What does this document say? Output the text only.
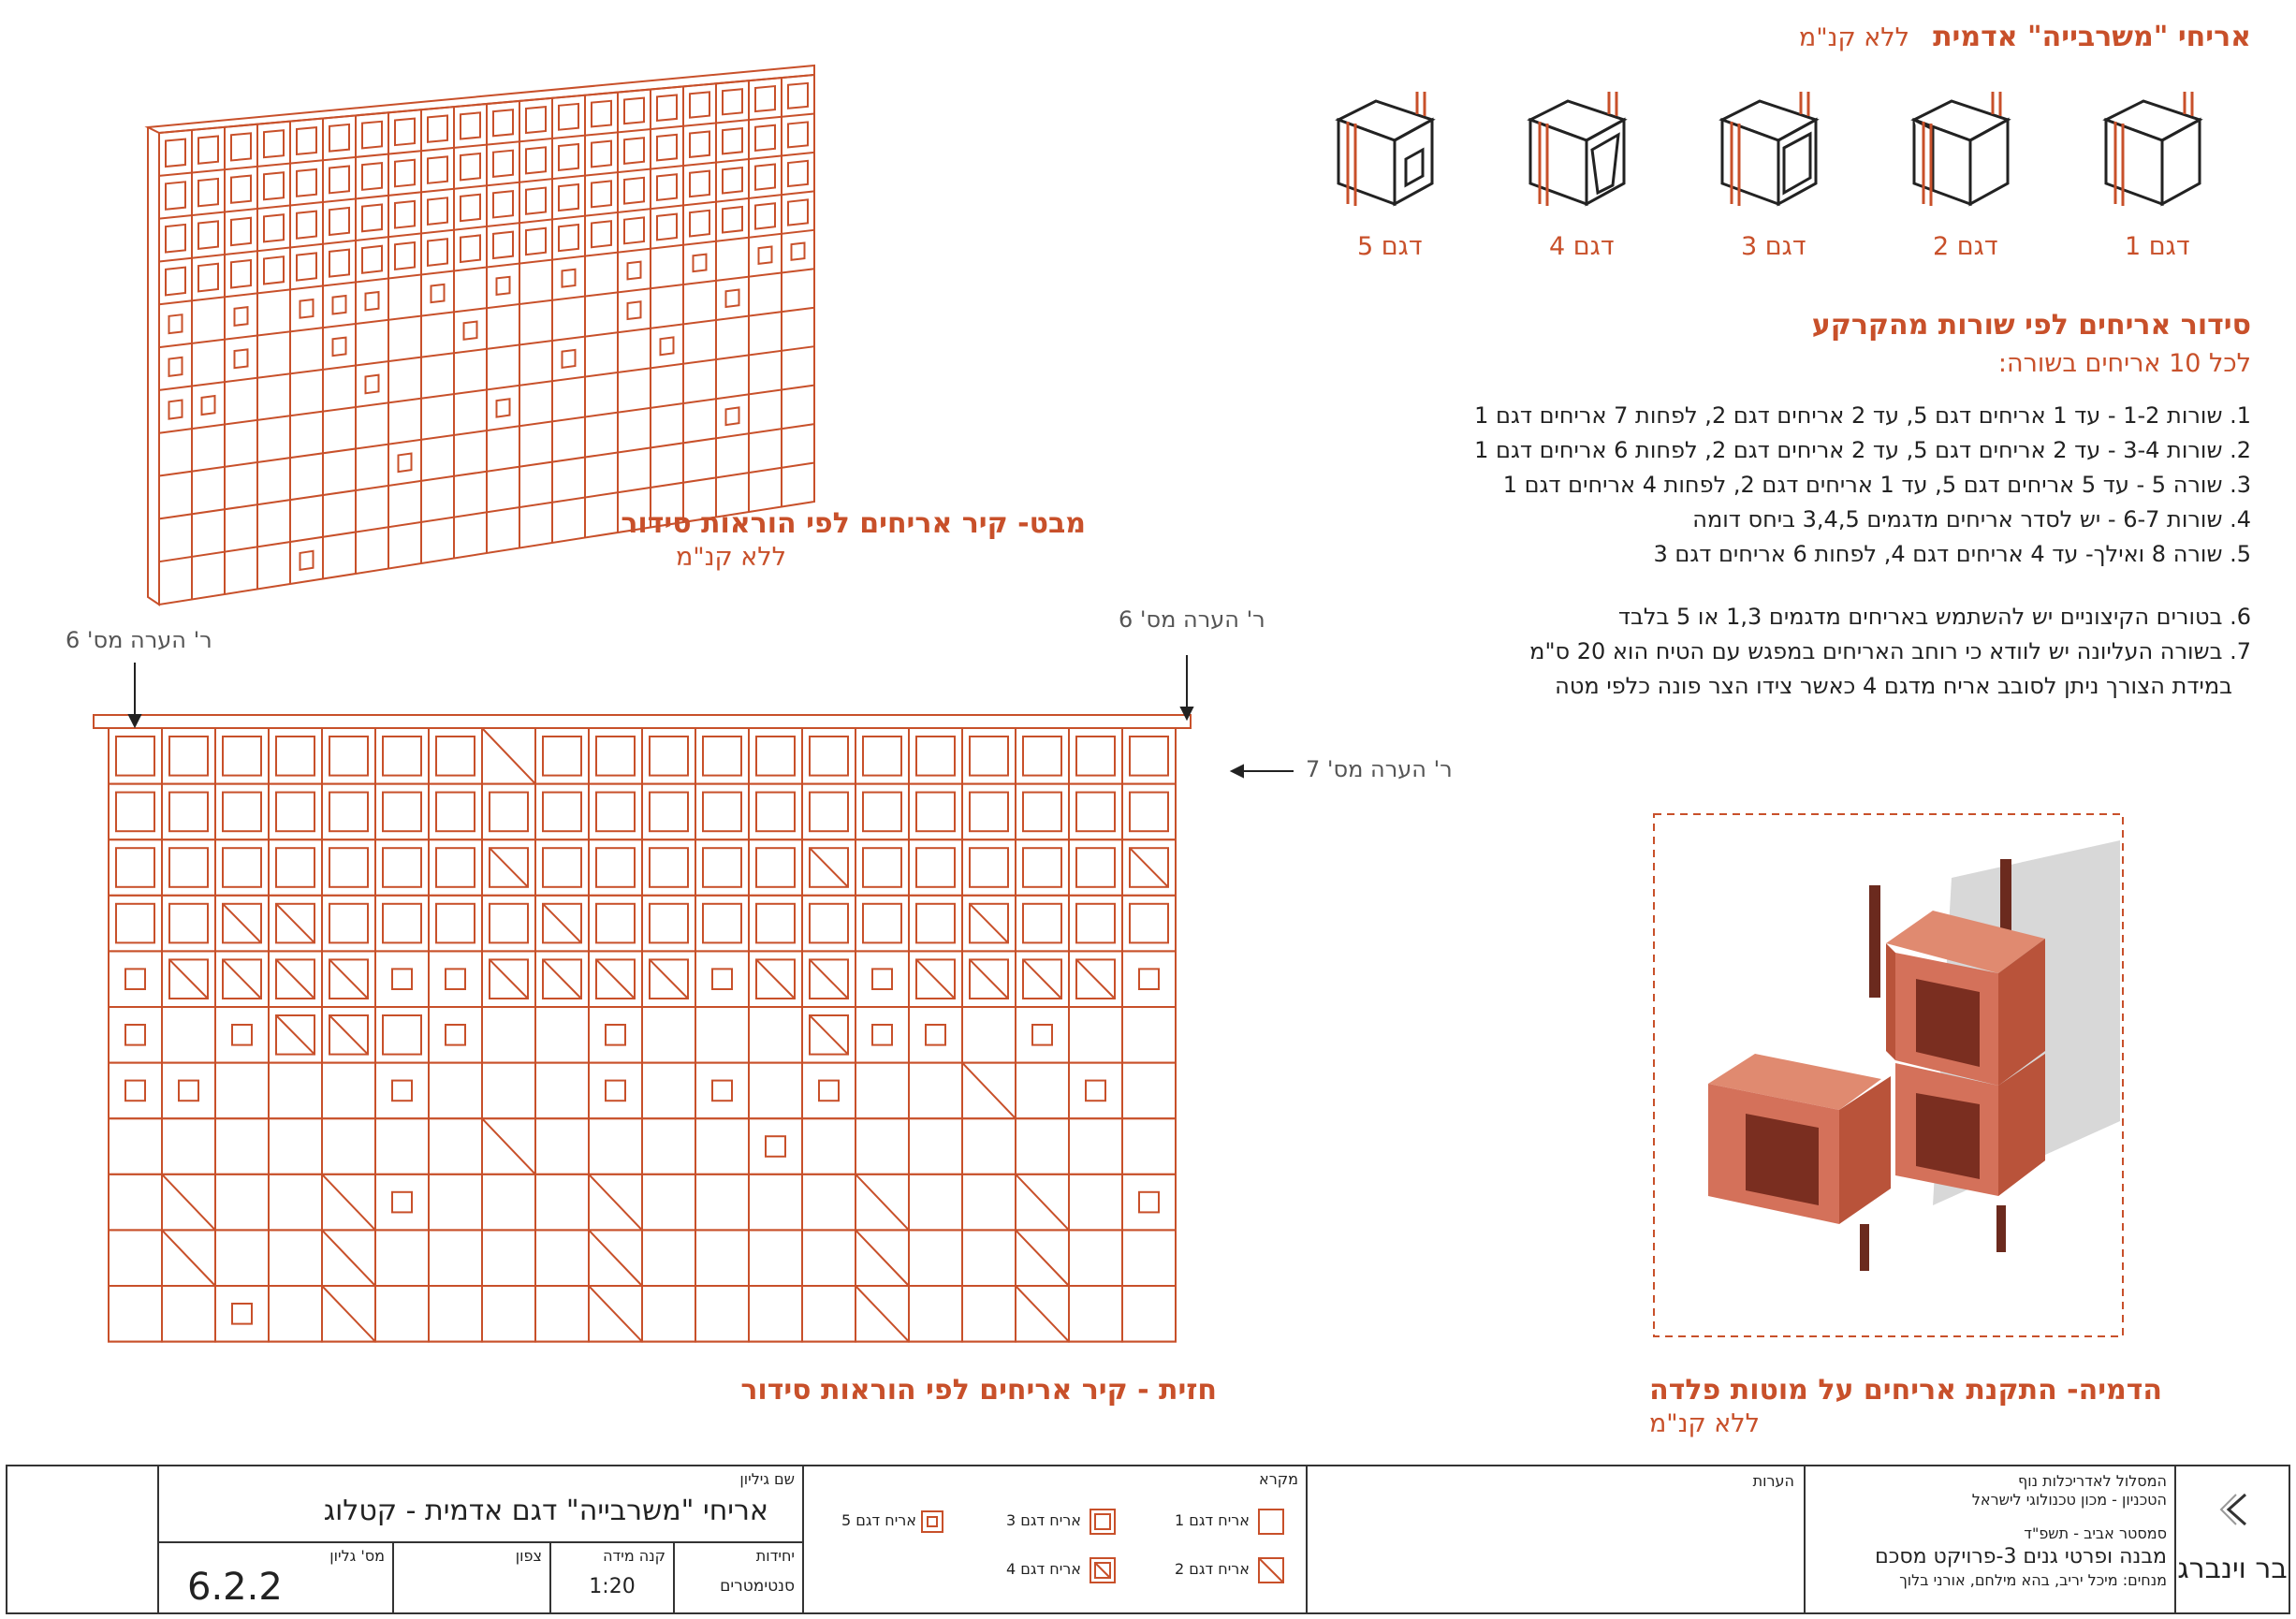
אריחי "משרבייה" אדמית ללא קנ"מ
דגם 5	דגם 4	דגם 3	דגם 2	דגם 1
סידור אריחים לפי שורות מהקרקע
לכל 10 אריחים בשורה:
1. שורות 1-2 - עד 1 אריחים דגם 5, עד 2 אריחים דגם 2, לפחות 7 אריחים דגם 1
2. שורות 3-4 - עד 2 אריחים דגם 5, עד 2 אריחים דגם 2, לפחות 6 אריחים דגם 1
3. שורה 5 - עד 5 אריחים דגם 5, עד 1 אריחים דגם 2, לפחות 4 אריחים דגם 1
4. שורות 6-7 - יש לסדר אריחים מדגמים 3,4,5 ביחס דומה
5. שורה 8 ואילך- עד 4 אריחים דגם 4, לפחות 6 אריחים דגם 3
6. בטורים הקיצוניים יש להשתמש באריחים מדגמים 1,3 או 5 בלבד
7. בשורה העליונה יש לוודא כי רוחב האריחים במפגש עם הטיח הוא 20 ס"מ
במידת הצורך ניתן לסובב אריח מדגם 4 כאשר צידו הצר פונה כלפי מטה
מבט- קיר אריחים לפי הוראות סידור
ללא קנ"מ
ר' הערה מס' 6
ר' הערה מס' 6
ר' הערה מס' 7
חזית - קיר אריחים לפי הוראות סידור	הדמיה- התקנת אריחים על מוטות פלדה
ללא קנ"מ
בר וינברג
המסלול לאדריכלות נוף
הטכניון - מכון טכנולוגי לישראל
סמסטר אביב - תשפ"ד
מבנה ופרטי גנים 3-פרויקט מסכם
מנחים: מיכל יריב, בהא מילחם, אורני בלוך
הערות
מקרא
אריח דגם 1
אריח דגם 3
אריח דגם 5
אריח דגם 2
אריח דגם 4
שם גיליון
אריחי "משרבייה" דגם אדמית - קטלוג
יחידות
סנטימטרים
קנה מידה
1:20
צפון
מס' גליון
6.2.2
